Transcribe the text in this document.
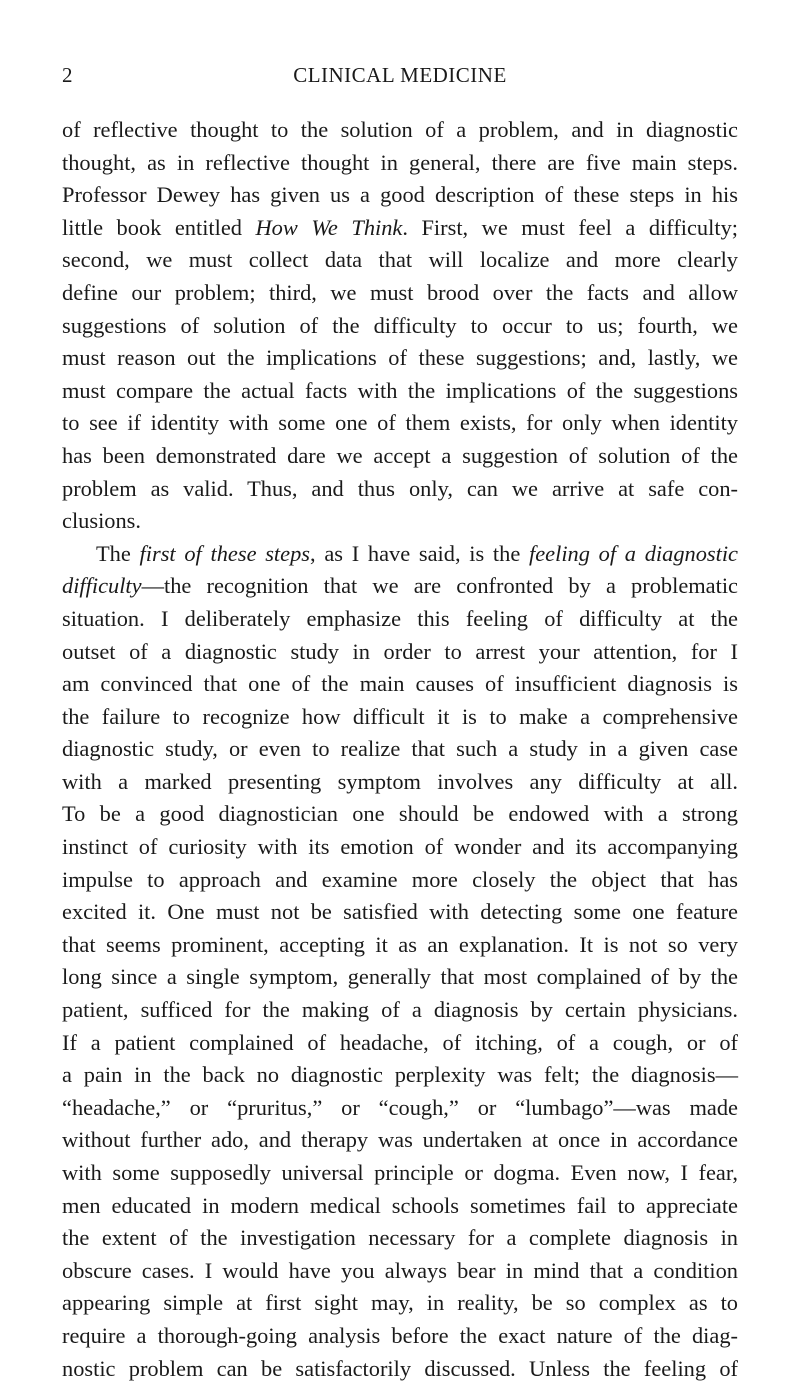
2	CLINICAL MEDICINE
of reflective thought to the solution of a problem, and in diagnostic
thought, as in reflective thought in general, there are five main steps.
Professor Dewey has given us a good description of these steps in his
little book entitled How We Think. First, we must feel a difficulty;
second, we must collect data that will localize and more clearly
define our problem; third, we must brood over the facts and allow
suggestions of solution of the difficulty to occur to us; fourth, we
must reason out the implications of these suggestions; and, lastly, we
must compare the actual facts with the implications of the suggestions
to see if identity with some one of them exists, for only when identity
has been demonstrated dare we accept a suggestion of solution of the
problem as valid. Thus, and thus only, can we arrive at safe con-
clusions.
The first of these steps, as I have said, is the feeling of a diagnostic
difficulty—the recognition that we are confronted by a problematic
situation. I deliberately emphasize this feeling of difficulty at the
outset of a diagnostic study in order to arrest your attention, for I
am convinced that one of the main causes of insufficient diagnosis is
the failure to recognize how difficult it is to make a comprehensive
diagnostic study, or even to realize that such a study in a given case
with a marked presenting symptom involves any difficulty at all.
To be a good diagnostician one should be endowed with a strong
instinct of curiosity with its emotion of wonder and its accompanying
impulse to approach and examine more closely the object that has
excited it. One must not be satisfied with detecting some one feature
that seems prominent, accepting it as an explanation. It is not so very
long since a single symptom, generally that most complained of by the
patient, sufficed for the making of a diagnosis by certain physicians.
If a patient complained of headache, of itching, of a cough, or of
a pain in the back no diagnostic perplexity was felt; the diagnosis—
“headache,” or “pruritus,” or “cough,” or “lumbago”—was made
without further ado, and therapy was undertaken at once in accordance
with some supposedly universal principle or dogma. Even now, I fear,
men educated in modern medical schools sometimes fail to appreciate
the extent of the investigation necessary for a complete diagnosis in
obscure cases. I would have you always bear in mind that a condition
appearing simple at first sight may, in reality, be so complex as to
require a thorough-going analysis before the exact nature of the diag-
nostic problem can be satisfactorily discussed. Unless the feeling of
